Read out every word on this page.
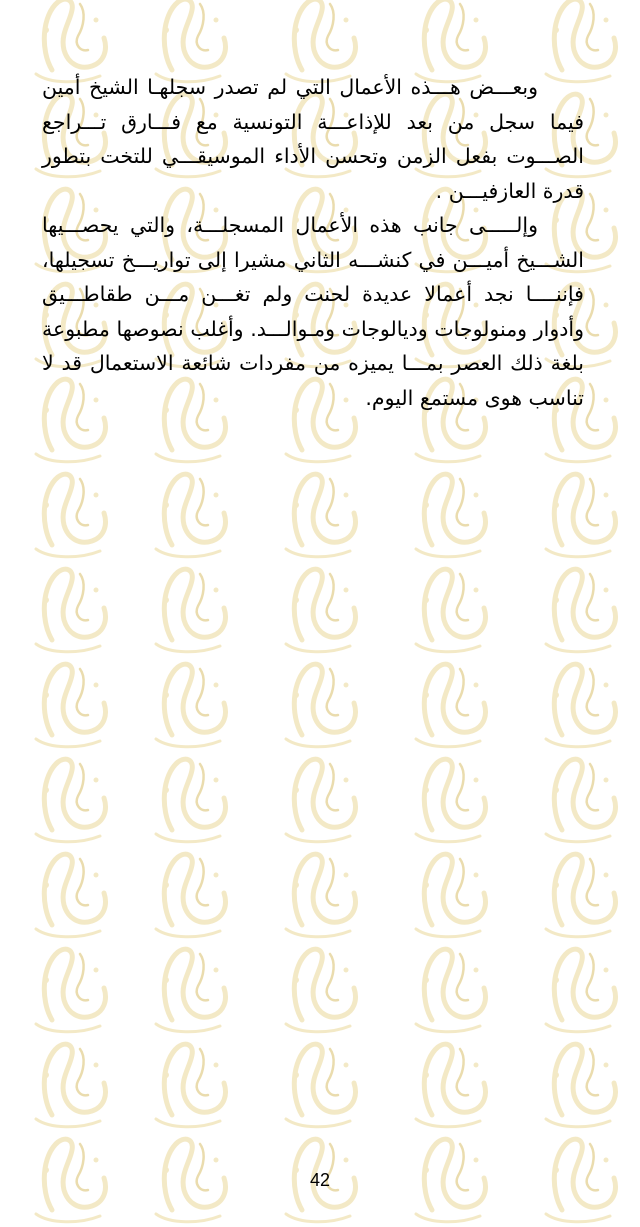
وبعـــض هـــذه الأعمال التي لم تصدر سجلهـا الشيخ أمين فيما سجل من بعد للإذاعـــة التونسية مع فـــارق تـــراجع الصـــوت بفعل الزمن وتحسن الأداء الموسيقـــي للتخت بتطور قدرة العازفيـــن .

وإلـــــى جانب هذه الأعمال المسجلـــة، والتي يحصـــيها الشـــيخ أميـــن في كنشـــه الثاني مشيرا إلى تواريـــخ تسجيلها، فإننــــا نجد أعمالا عديدة لحنت ولم تغـــن مـــن طقاطـــيق وأدوار ومنولوجات وديالوجات ومـوالـــد. وأغلب نصوصها مطبوعة بلغة ذلك العصر بمـــا يميزه من مفردات شائعة الاستعمال قد لا تناسب هوى مستمع اليوم.

42
